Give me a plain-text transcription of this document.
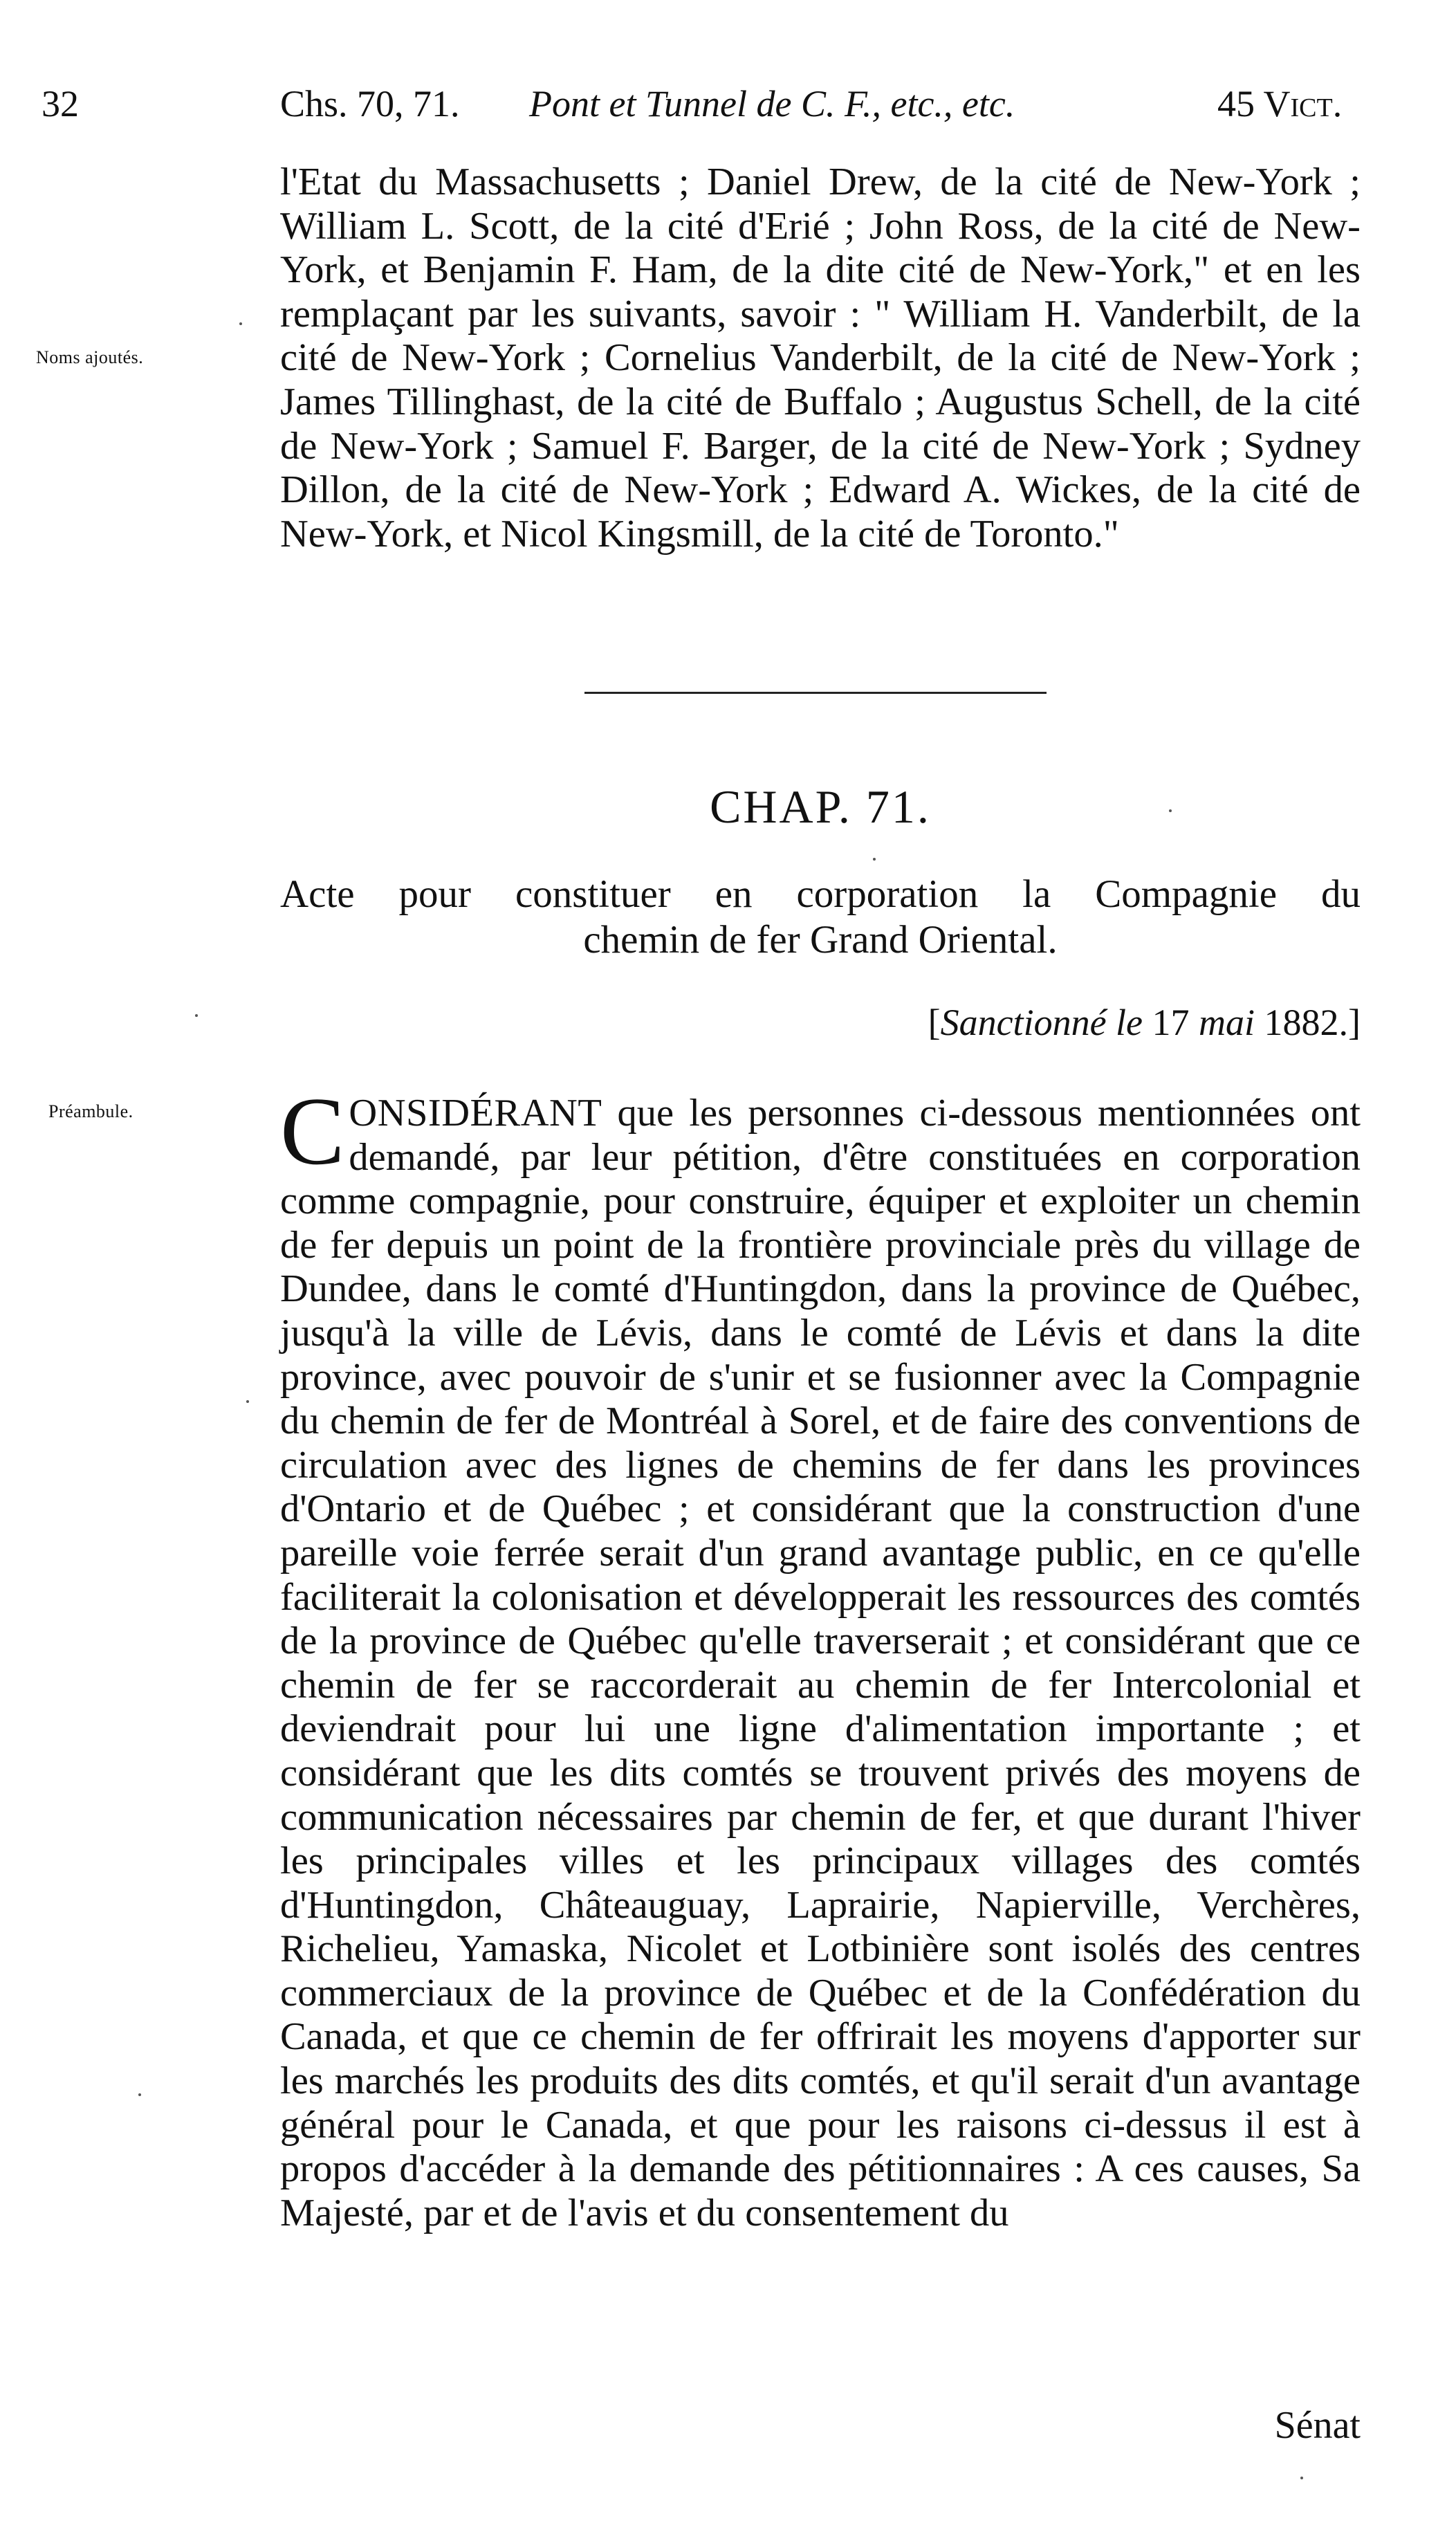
32	Chs. 70, 71. Pont et Tunnel de C. F., etc., etc.	45 Vict.
Noms ajoutés.
l'Etat du Massachusetts ; Daniel Drew, de la cité de New-York ; William L. Scott, de la cité d'Erié ; John Ross, de la cité de New-York, et Benjamin F. Ham, de la dite cité de New-York," et en les remplaçant par les suivants, savoir : " William H. Vanderbilt, de la cité de New-York ; Cornelius Vanderbilt, de la cité de New-York ; James Tillinghast, de la cité de Buffalo ; Augustus Schell, de la cité de New-York ; Samuel F. Barger, de la cité de New-York ; Sydney Dillon, de la cité de New-York ; Edward A. Wickes, de la cité de New-York, et Nicol Kingsmill, de la cité de Toronto."
CHAP. 71.
Acte pour constituer en corporation la Compagnie du
chemin de fer Grand Oriental.
[Sanctionné le 17 mai 1882.]
Préambule. CONSIDÉRANT que les personnes ci-dessous mentionnées ont demandé, par leur pétition, d'être constituées en corporation comme compagnie, pour construire, équiper et exploiter un chemin de fer depuis un point de la frontière provinciale près du village de Dundee, dans le comté d'Huntingdon, dans la province de Québec, jusqu'à la ville de Lévis, dans le comté de Lévis et dans la dite province, avec pouvoir de s'unir et se fusionner avec la Compagnie du chemin de fer de Montréal à Sorel, et de faire des conventions de circulation avec des lignes de chemins de fer dans les provinces d'Ontario et de Québec ; et considérant que la construction d'une pareille voie ferrée serait d'un grand avantage public, en ce qu'elle faciliterait la colonisation et développerait les ressources des comtés de la province de Québec qu'elle traverserait ; et considérant que ce chemin de fer se raccorderait au chemin de fer Intercolonial et deviendrait pour lui une ligne d'alimentation importante ; et considérant que les dits comtés se trouvent privés des moyens de communication nécessaires par chemin de fer, et que durant l'hiver les principales villes et les principaux villages des comtés d'Huntingdon, Châteauguay, Laprairie, Napierville, Verchères, Richelieu, Yamaska, Nicolet et Lotbinière sont isolés des centres commerciaux de la province de Québec et de la Confédération du Canada, et que ce chemin de fer offrirait les moyens d'apporter sur les marchés les produits des dits comtés, et qu'il serait d'un avantage général pour le Canada, et que pour les raisons ci-dessus il est à propos d'accéder à la demande des pétitionnaires : A ces causes, Sa Majesté, par et de l'avis et du consentement du
Sénat
